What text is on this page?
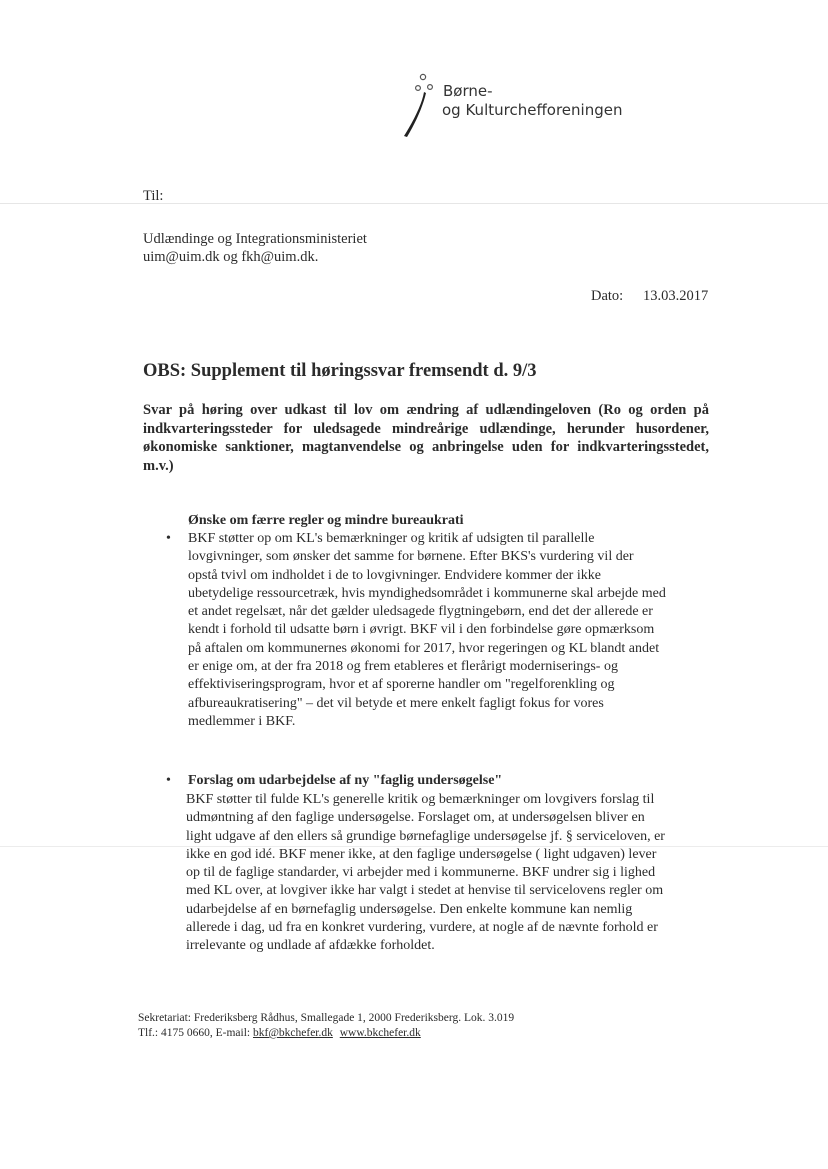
Børne-
og Kulturchefforeningen
Til:
Udlændinge og Integrationsministeriet
uim@uim.dk og fkh@uim.dk.
Dato: 13.03.2017
OBS: Supplement til høringssvar fremsendt d. 9/3
Svar på høring over udkast til lov om ændring af udlændingeloven (Ro og orden på
indkvarteringssteder for uledsagede mindreårige udlændinge, herunder husordener,
økonomiske sanktioner, magtanvendelse og anbringelse uden for indkvarteringsstedet,
m.v.)
Ønske om færre regler og mindre bureaukrati
• BKF støtter op om KL's bemærkninger og kritik af udsigten til parallelle
lovgivninger, som ønsker det samme for børnene. Efter BKS's vurdering vil der
opstå tvivl om indholdet i de to lovgivninger. Endvidere kommer der ikke
ubetydelige ressourcetræk, hvis myndighedsområdet i kommunerne skal arbejde med
et andet regelsæt, når det gælder uledsagede flygtningebørn, end det der allerede er
kendt i forhold til udsatte børn i øvrigt. BKF vil i den forbindelse gøre opmærksom
på aftalen om kommunernes økonomi for 2017, hvor regeringen og KL blandt andet
er enige om, at der fra 2018 og frem etableres et flerårigt moderniserings- og
effektiviseringsprogram, hvor et af sporerne handler om "regelforenkling og
afbureaukratisering" – det vil betyde et mere enkelt fagligt fokus for vores
medlemmer i BKF.
• Forslag om udarbejdelse af ny "faglig undersøgelse"
BKF støtter til fulde KL's generelle kritik og bemærkninger om lovgivers forslag til
udmøntning af den faglige undersøgelse. Forslaget om, at undersøgelsen bliver en
light udgave af den ellers så grundige børnefaglige undersøgelse jf. § serviceloven, er
ikke en god idé. BKF mener ikke, at den faglige undersøgelse ( light udgaven) lever
op til de faglige standarder, vi arbejder med i kommunerne. BKF undrer sig i lighed
med KL over, at lovgiver ikke har valgt i stedet at henvise til servicelovens regler om
udarbejdelse af en børnefaglig undersøgelse. Den enkelte kommune kan nemlig
allerede i dag, ud fra en konkret vurdering, vurdere, at nogle af de nævnte forhold er
irrelevante og undlade af afdække forholdet.
Sekretariat: Frederiksberg Rådhus, Smallegade 1, 2000 Frederiksberg. Lok. 3.019
Tlf.: 4175 0660, E-mail: bkf@bkchefer.dk www.bkchefer.dk
